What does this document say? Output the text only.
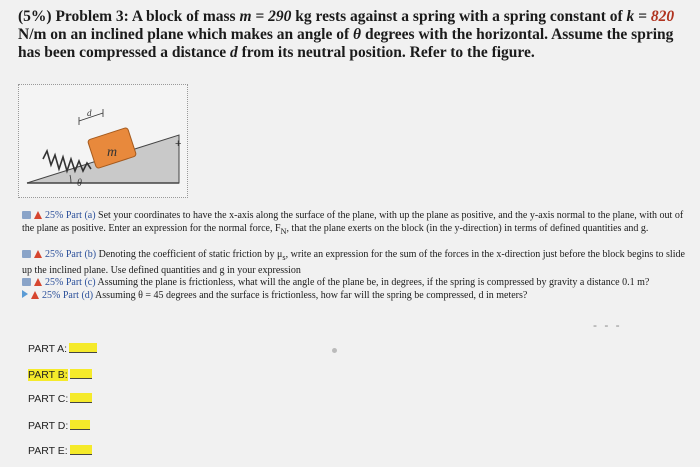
(5%) Problem 3: A block of mass m = 290 kg rests against a spring with a spring constant of k = 820 N/m on an inclined plane which makes an angle of θ degrees with the horizontal. Assume the spring has been compressed a distance d from its neutral position. Refer to the figure.
m
d
θ
+

25% Part (a) Set your coordinates to have the x-axis along the surface of the plane, with up the plane as positive, and the y-axis normal to the plane, with out of the plane as positive. Enter an expression for the normal force, $F_N$, that the plane exerts on the block (in the y-direction) in terms of defined quantities and g.

25% Part (b) Denoting the coefficient of static friction by $\mu_s$, write an expression for the sum of the forces in the x-direction just before the block begins to slide up the inclined plane. Use defined quantities and g in your expression

25% Part (c) Assuming the plane is frictionless, what will the angle of the plane be, in degrees, if the spring is compressed by gravity a distance 0.1 m?

25% Part (d) Assuming θ = 45 degrees and the surface is frictionless, how far will the spring be compressed, d in meters?

- - -
PART A:
PART B:
PART C:
PART D:
PART E:
